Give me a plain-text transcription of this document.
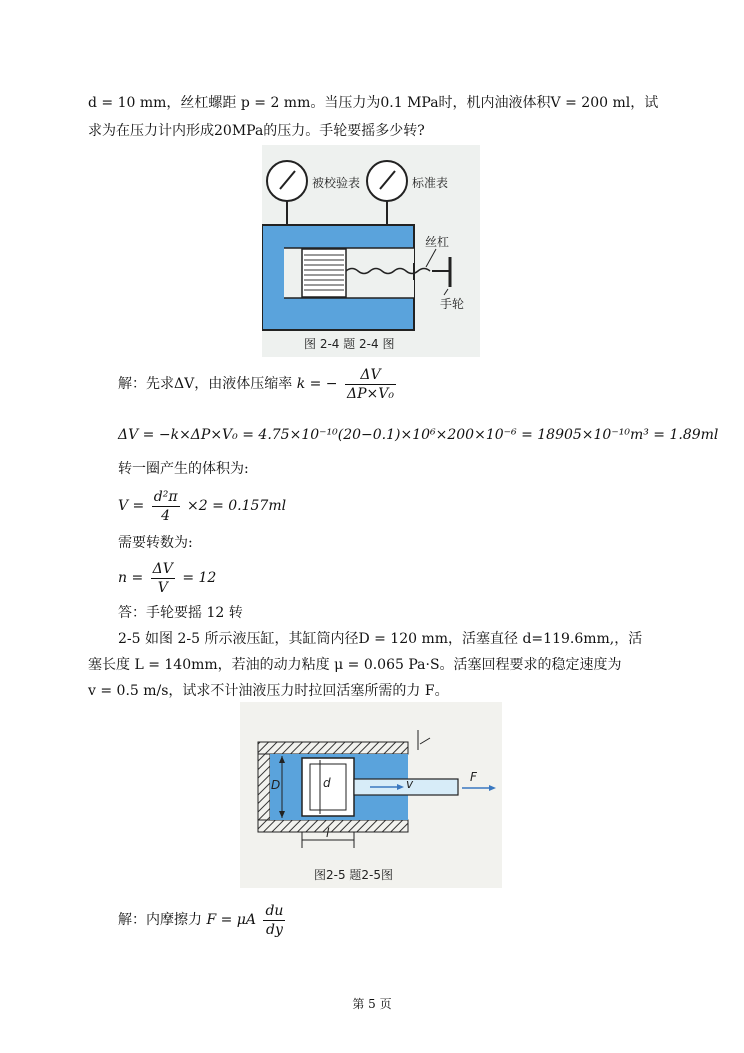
d = 10 mm，丝杠螺距 p = 2 mm。当压力为0.1 MPa时，机内油液体积V = 200 ml，试
求为在压力计内形成20MPa的压力。手轮要摇多少转?
被校验表	标准表
丝杠
手轮
图 2-4 题 2-4 图
解：先求ΔV，由液体压缩率 k = − $\frac{\Delta V}{\text{ΔP×V₀}}$
ΔV = −k×ΔP×V₀ = 4.75×10⁻¹⁰(20−0.1)×10⁶×200×10⁻⁶ = 18905×10⁻¹⁰m³ = 1.89ml
转一圈产生的体积为:
$V = \frac{\text{d²π}}{4} \times 2 = 0.157ml$
需要转数为:
$n = \frac{\Delta V}{V} = 12$
答：手轮要摇 12 转
2-5 如图 2-5 所示液压缸，其缸筒内径D = 120 mm，活塞直径 d=119.6mm,，活
塞长度 L = 140mm，若油的动力粘度 μ = 0.065 Pa·S。活塞回程要求的稳定速度为
v = 0.5 m/s，试求不计油液压力时拉回活塞所需的力 F。
D	d
l
v	F
图2-5 题2-5图
解：内摩擦力 F = μA $\frac{du}{dy}$
第 5 页
